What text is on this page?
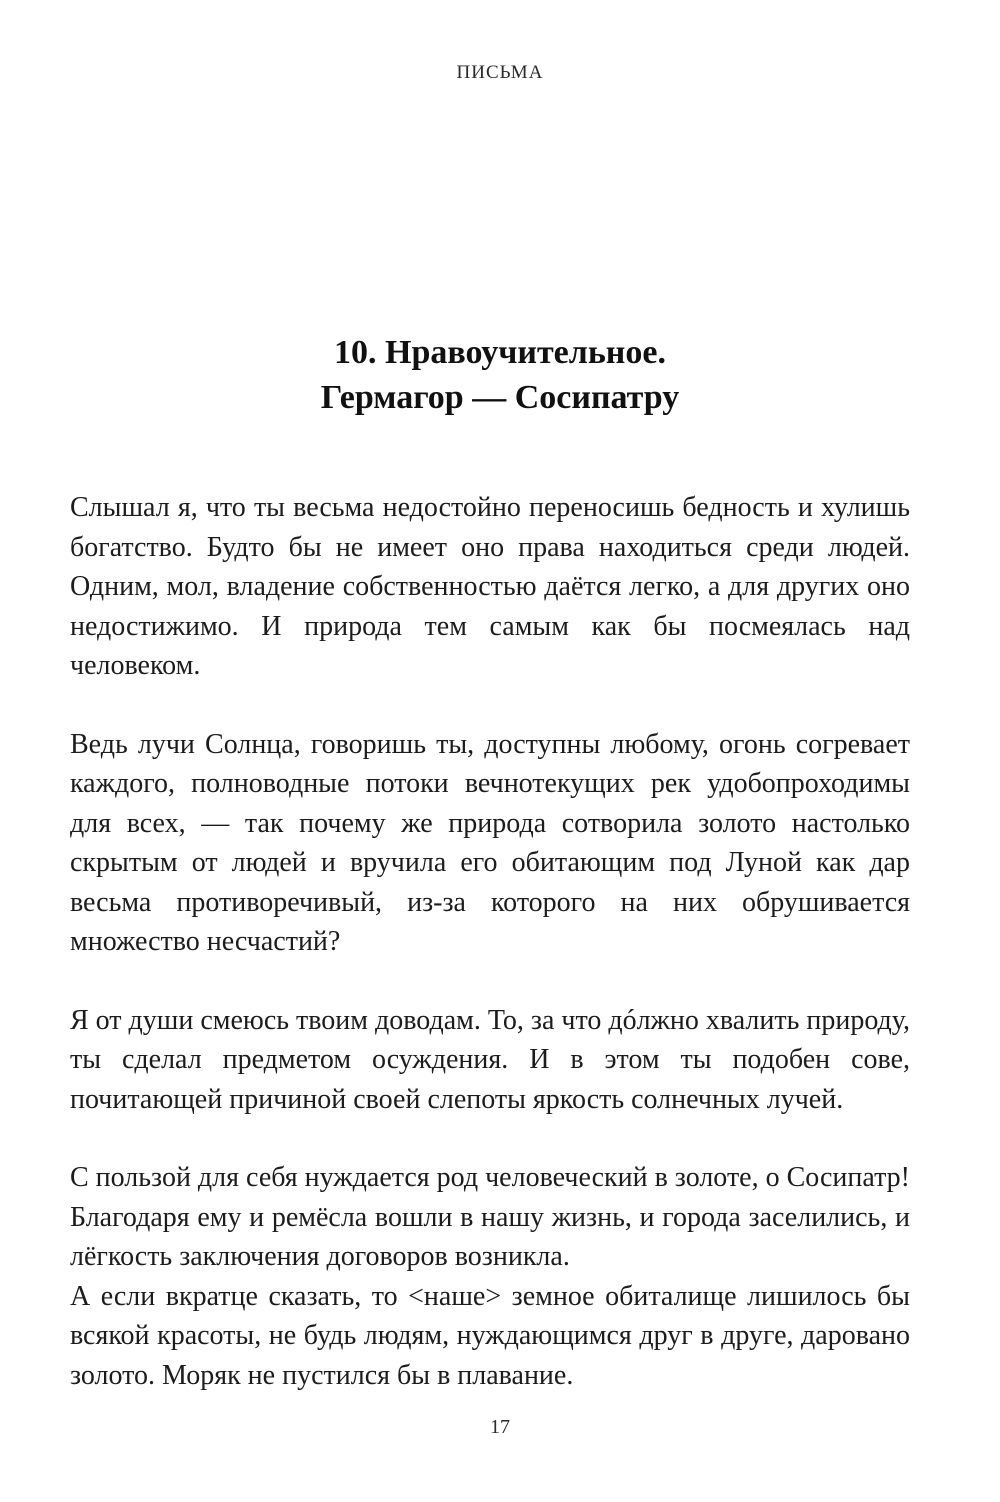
ПИСЬМА
10. Нравоучительное.
Гермагор — Сосипатру

Слышал я, что ты весьма недостойно переносишь бедность и хулишь богатство. Будто бы не имеет оно права находиться среди людей. Одним, мол, владение собственностью даётся легко, а для других оно недостижимо. И природа тем самым как бы посмеялась над человеком.

Ведь лучи Солнца, говоришь ты, доступны любому, огонь согревает каждого, полноводные потоки вечнотекущих рек удобопроходимы для всех, — так почему же природа сотворила золото настолько скрытым от людей и вручила его обитающим под Луной как дар весьма противоречивый, из-за которого на них обрушивается множество несчастий?

Я от души смеюсь твоим доводам. То, за что дóлжно хвалить природу, ты сделал предметом осуждения. И в этом ты подобен сове, почитающей причиной своей слепоты яркость солнечных лучей.

С пользой для себя нуждается род человеческий в золоте, о Сосипатр! Благодаря ему и ремёсла вошли в нашу жизнь, и города заселились, и лёгкость заключения договоров возникла.

А если вкратце сказать, то <наше> земное обиталище лишилось бы всякой красоты, не будь людям, нуждающимся друг в друге, даровано золото. Моряк не пустился бы в плавание.

17
